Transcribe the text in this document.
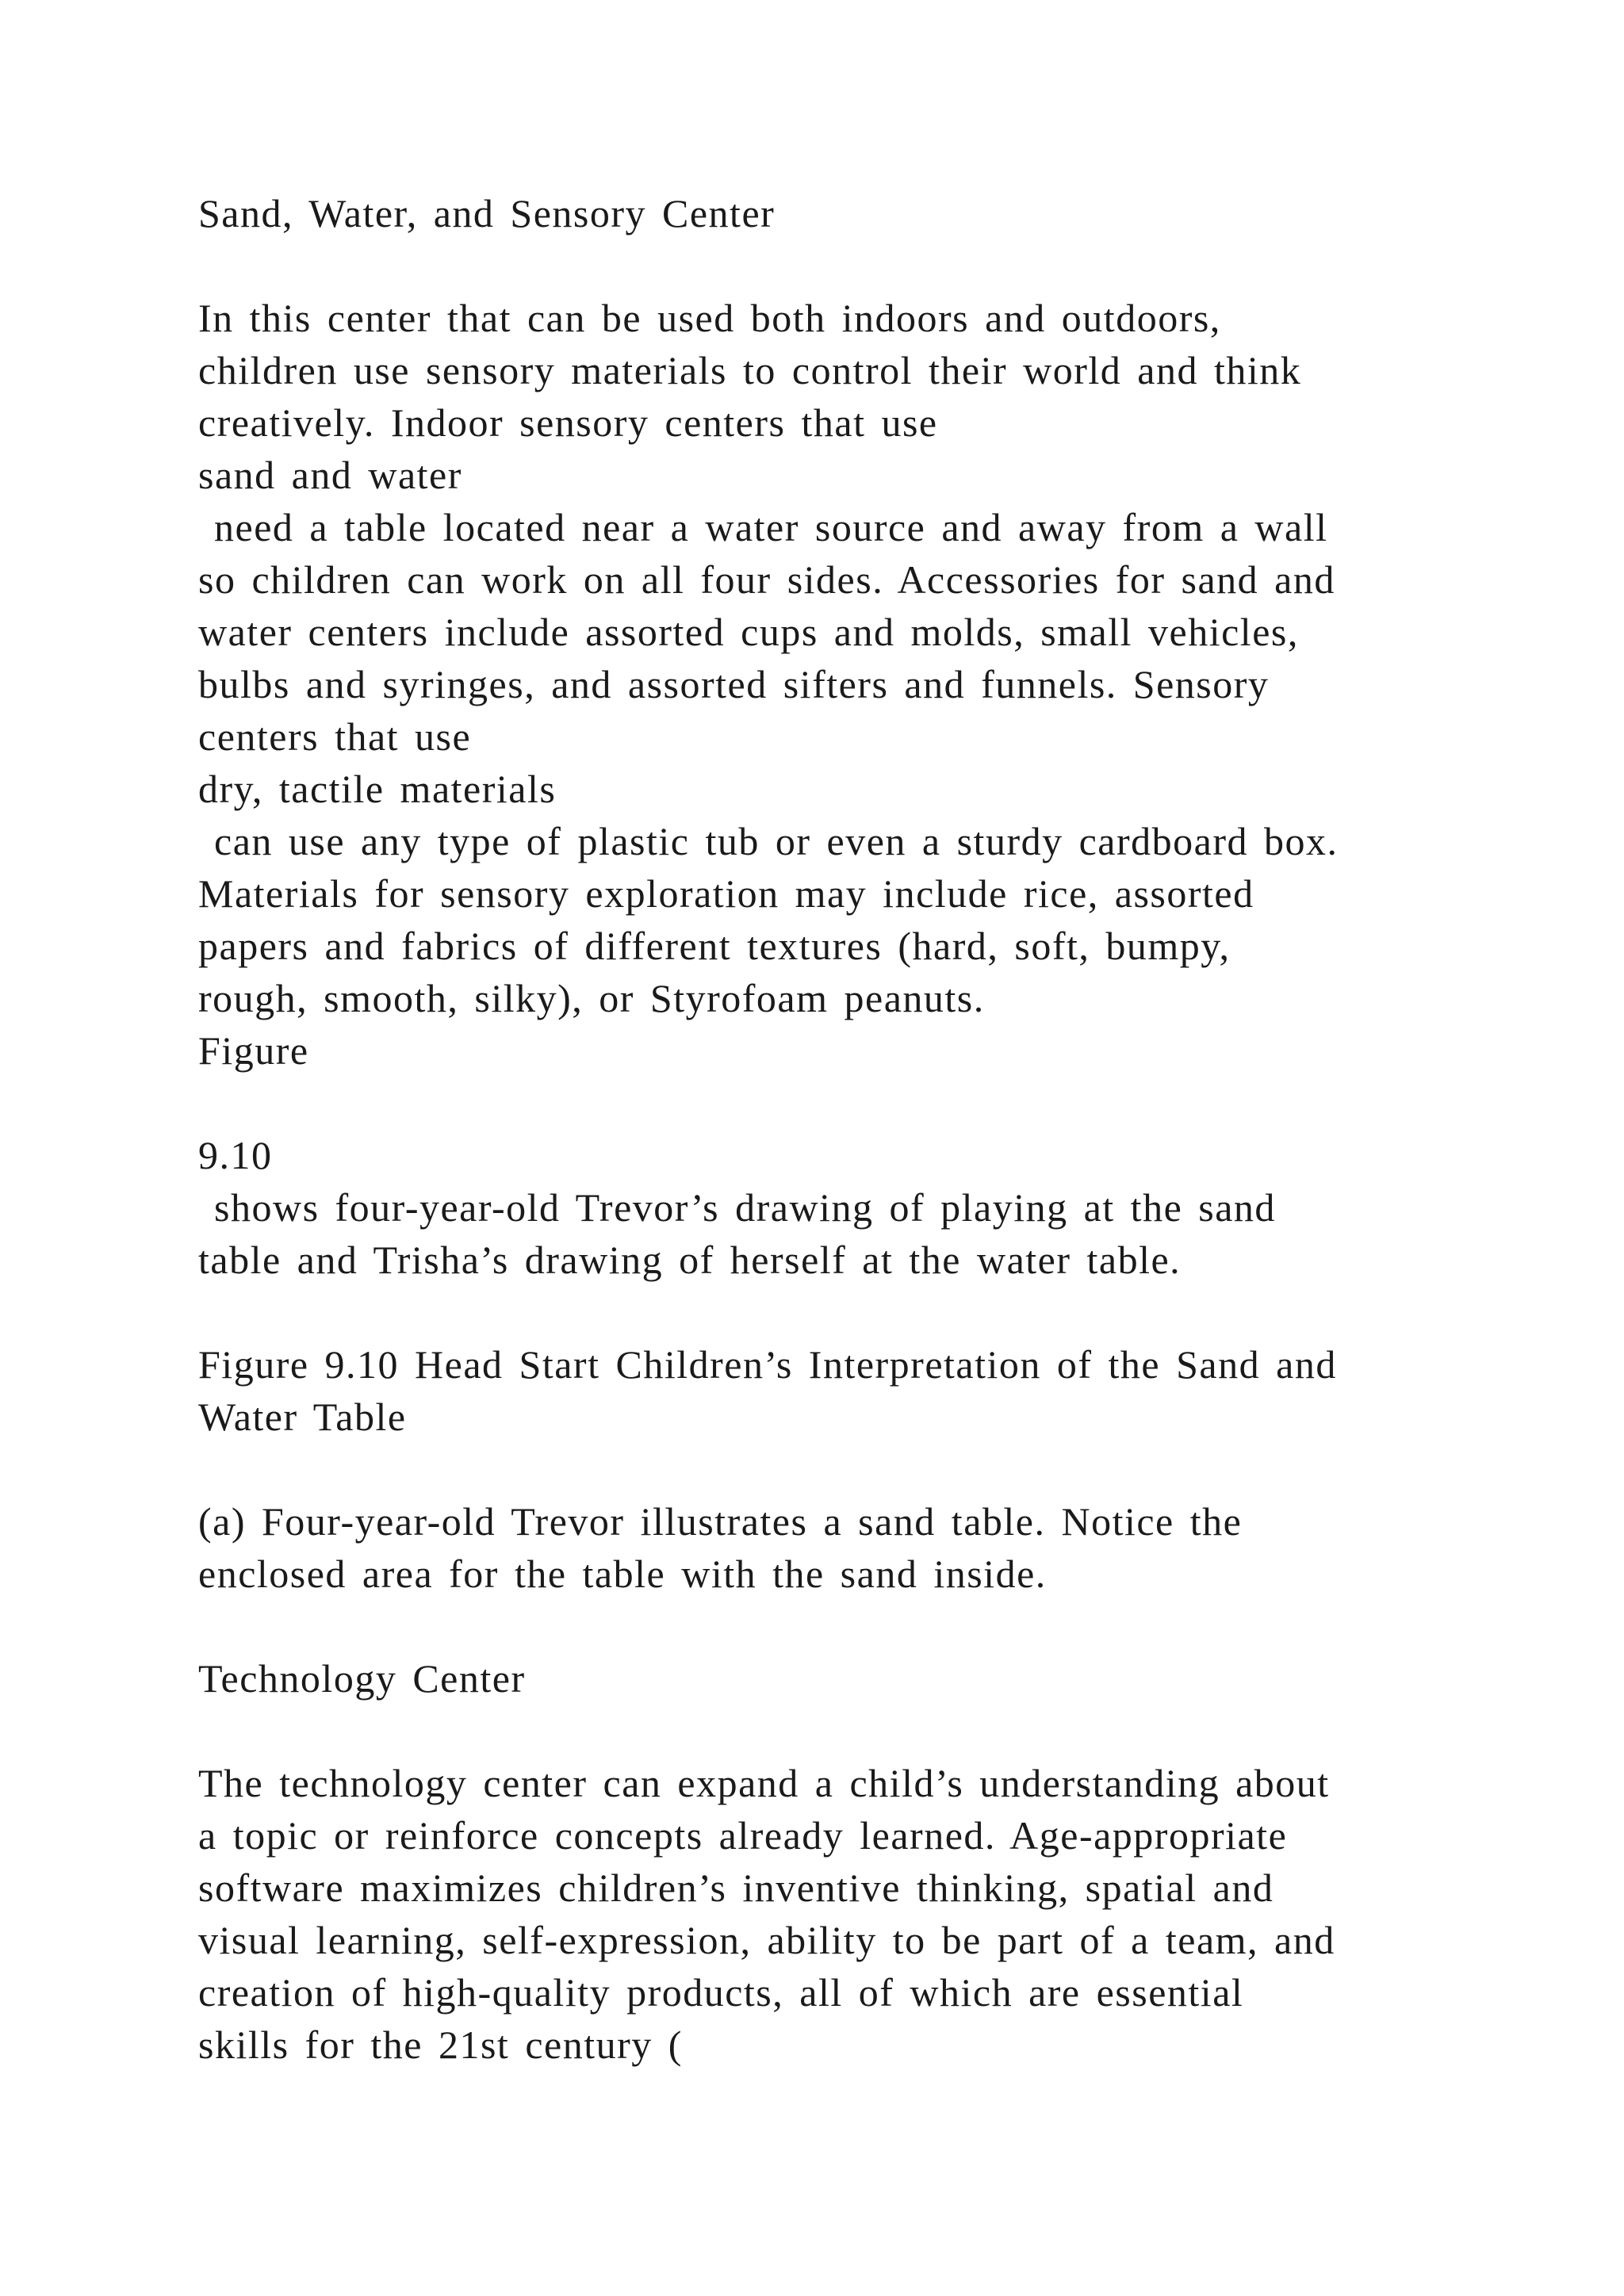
Sand, Water, and Sensory Center
In this center that can be used both indoors and outdoors,
children use sensory materials to control their world and think
creatively. Indoor sensory centers that use
sand and water
need a table located near a water source and away from a wall
so children can work on all four sides. Accessories for sand and
water centers include assorted cups and molds, small vehicles,
bulbs and syringes, and assorted sifters and funnels. Sensory
centers that use
dry, tactile materials
can use any type of plastic tub or even a sturdy cardboard box.
Materials for sensory exploration may include rice, assorted
papers and fabrics of different textures (hard, soft, bumpy,
rough, smooth, silky), or Styrofoam peanuts.
Figure
9.10
shows four-year-old Trevor’s drawing of playing at the sand
table and Trisha’s drawing of herself at the water table.
Figure 9.10 Head Start Children’s Interpretation of the Sand and
Water Table
(a) Four-year-old Trevor illustrates a sand table. Notice the
enclosed area for the table with the sand inside.
Technology Center
The technology center can expand a child’s understanding about
a topic or reinforce concepts already learned. Age-appropriate
software maximizes children’s inventive thinking, spatial and
visual learning, self-expression, ability to be part of a team, and
creation of high-quality products, all of which are essential
skills for the 21st century (
